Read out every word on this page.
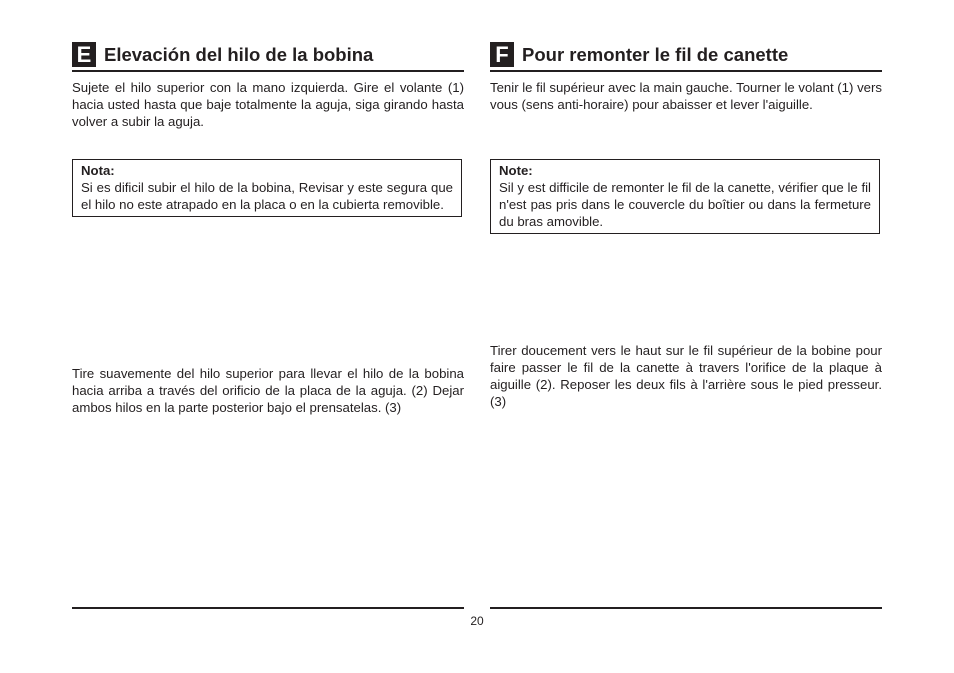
E Elevación del hilo de la bobina

Sujete el hilo superior con la mano izquierda. Gire el volante (1) hacia usted hasta que baje totalmente la aguja, siga girando hasta volver a subir la aguja.

Nota:
Si es dificil subir el hilo de la bobina, Revisar y este segura que el hilo no este atrapado en la placa o en la cubierta removible.

Tire suavemente del hilo superior para llevar el hilo de la bobina hacia arriba a través del orificio de la placa de la aguja. (2) Dejar ambos hilos en la parte posterior bajo el prensatelas. (3)

F Pour remonter le fil de canette

Tenir le fil supérieur avec la main gauche. Tourner le volant (1) vers vous (sens anti-horaire) pour abaisser et lever l'aiguille.

Note:
Sil y est difficile de remonter le fil de la canette, vérifier que le fil n'est pas pris dans le couvercle du boîtier ou dans la fermeture du bras amovible.

Tirer doucement vers le haut sur le fil supérieur de la bobine pour faire passer le fil de la canette à travers l'orifice de la plaque à aiguille (2). Reposer les deux fils à l'arrière sous le pied presseur. (3)

20
